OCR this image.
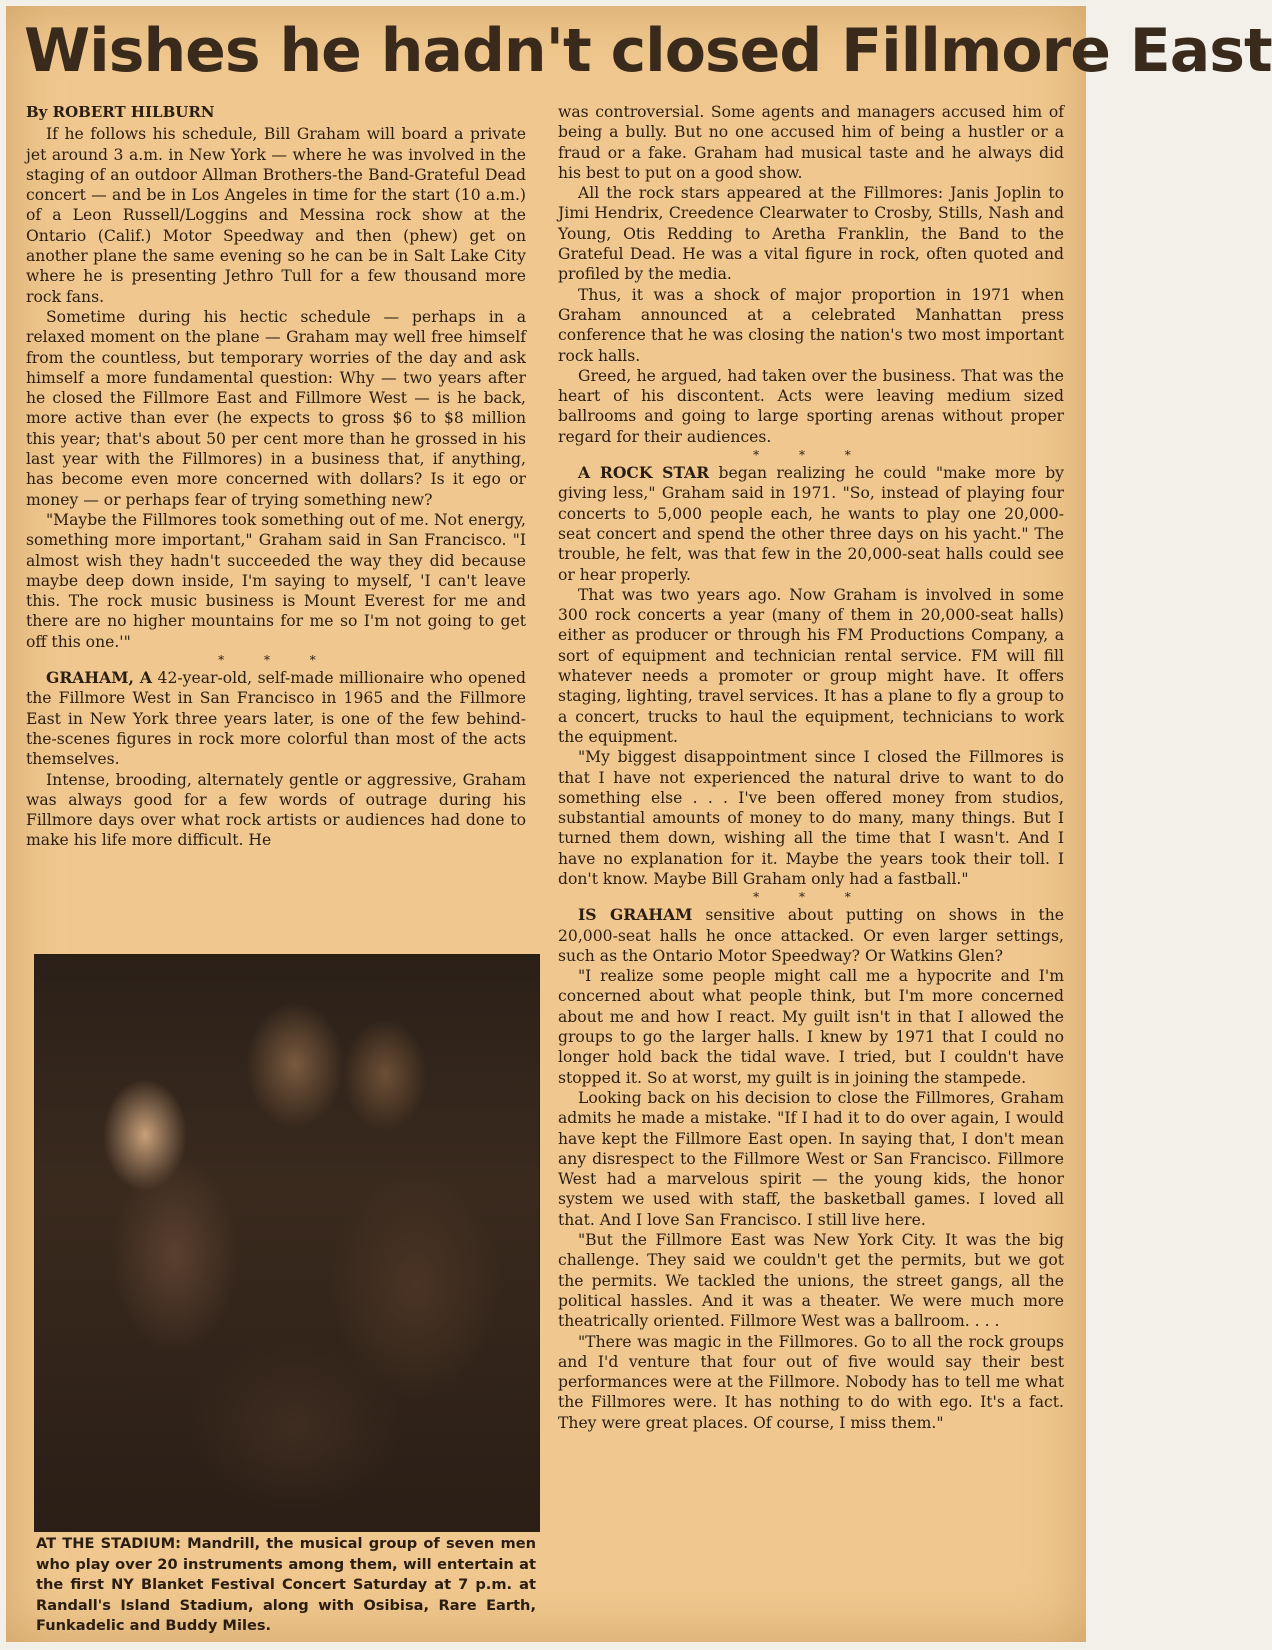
Wishes he hadn't closed Fillmore East

By ROBERT HILBURN

If he follows his schedule, Bill Graham will board a private jet around 3 a.m. in New York — where he was involved in the staging of an outdoor Allman Brothers-the Band-Grateful Dead concert — and be in Los Angeles in time for the start (10 a.m.) of a Leon Russell/Loggins and Messina rock show at the Ontario (Calif.) Motor Speedway and then (phew) get on another plane the same evening so he can be in Salt Lake City where he is presenting Jethro Tull for a few thousand more rock fans.

Sometime during his hectic schedule — perhaps in a relaxed moment on the plane — Graham may well free himself from the countless, but temporary worries of the day and ask himself a more fundamental question: Why — two years after he closed the Fillmore East and Fillmore West — is he back, more active than ever (he expects to gross $6 to $8 million this year; that's about 50 per cent more than he grossed in his last year with the Fillmores) in a business that, if anything, has become even more concerned with dollars? Is it ego or money — or perhaps fear of trying something new?

"Maybe the Fillmores took something out of me. Not energy, something more important," Graham said in San Francisco. "I almost wish they hadn't succeeded the way they did because maybe deep down inside, I'm saying to myself, 'I can't leave this. The rock music business is Mount Everest for me and there are no higher mountains for me so I'm not going to get off this one.'"

* * *

GRAHAM, A 42-year-old, self-made millionaire who opened the Fillmore West in San Francisco in 1965 and the Fillmore East in New York three years later, is one of the few behind-the-scenes figures in rock more colorful than most of the acts themselves.

Intense, brooding, alternately gentle or aggressive, Graham was always good for a few words of outrage during his Fillmore days over what rock artists or audiences had done to make his life more difficult. He

AT THE STADIUM: Mandrill, the musical group of seven men who play over 20 instruments among them, will entertain at the first NY Blanket Festival Concert Saturday at 7 p.m. at Randall's Island Stadium, along with Osibisa, Rare Earth, Funkadelic and Buddy Miles.

was controversial. Some agents and managers accused him of being a bully. But no one accused him of being a hustler or a fraud or a fake. Graham had musical taste and he always did his best to put on a good show.

All the rock stars appeared at the Fillmores: Janis Joplin to Jimi Hendrix, Creedence Clearwater to Crosby, Stills, Nash and Young, Otis Redding to Aretha Franklin, the Band to the Grateful Dead. He was a vital figure in rock, often quoted and profiled by the media.

Thus, it was a shock of major proportion in 1971 when Graham announced at a celebrated Manhattan press conference that he was closing the nation's two most important rock halls.

Greed, he argued, had taken over the business. That was the heart of his discontent. Acts were leaving medium sized ballrooms and going to large sporting arenas without proper regard for their audiences.

* * *

A ROCK STAR began realizing he could "make more by giving less," Graham said in 1971. "So, instead of playing four concerts to 5,000 people each, he wants to play one 20,000-seat concert and spend the other three days on his yacht." The trouble, he felt, was that few in the 20,000-seat halls could see or hear properly.

That was two years ago. Now Graham is involved in some 300 rock concerts a year (many of them in 20,000-seat halls) either as producer or through his FM Productions Company, a sort of equipment and technician rental service. FM will fill whatever needs a promoter or group might have. It offers staging, lighting, travel services. It has a plane to fly a group to a concert, trucks to haul the equipment, technicians to work the equipment.

"My biggest disappointment since I closed the Fillmores is that I have not experienced the natural drive to want to do something else . . . I've been offered money from studios, substantial amounts of money to do many, many things. But I turned them down, wishing all the time that I wasn't. And I have no explanation for it. Maybe the years took their toll. I don't know. Maybe Bill Graham only had a fastball."

* * *

IS GRAHAM sensitive about putting on shows in the 20,000-seat halls he once attacked. Or even larger settings, such as the Ontario Motor Speedway? Or Watkins Glen?

"I realize some people might call me a hypocrite and I'm concerned about what people think, but I'm more concerned about me and how I react. My guilt isn't in that I allowed the groups to go the larger halls. I knew by 1971 that I could no longer hold back the tidal wave. I tried, but I couldn't have stopped it. So at worst, my guilt is in joining the stampede.

Looking back on his decision to close the Fillmores, Graham admits he made a mistake. "If I had it to do over again, I would have kept the Fillmore East open. In saying that, I don't mean any disrespect to the Fillmore West or San Francisco. Fillmore West had a marvelous spirit — the young kids, the honor system we used with staff, the basketball games. I loved all that. And I love San Francisco. I still live here.

"But the Fillmore East was New York City. It was the big challenge. They said we couldn't get the permits, but we got the permits. We tackled the unions, the street gangs, all the political hassles. And it was a theater. We were much more theatrically oriented. Fillmore West was a ballroom. . . .

"There was magic in the Fillmores. Go to all the rock groups and I'd venture that four out of five would say their best performances were at the Fillmore. Nobody has to tell me what the Fillmores were. It has nothing to do with ego. It's a fact. They were great places. Of course, I miss them."
